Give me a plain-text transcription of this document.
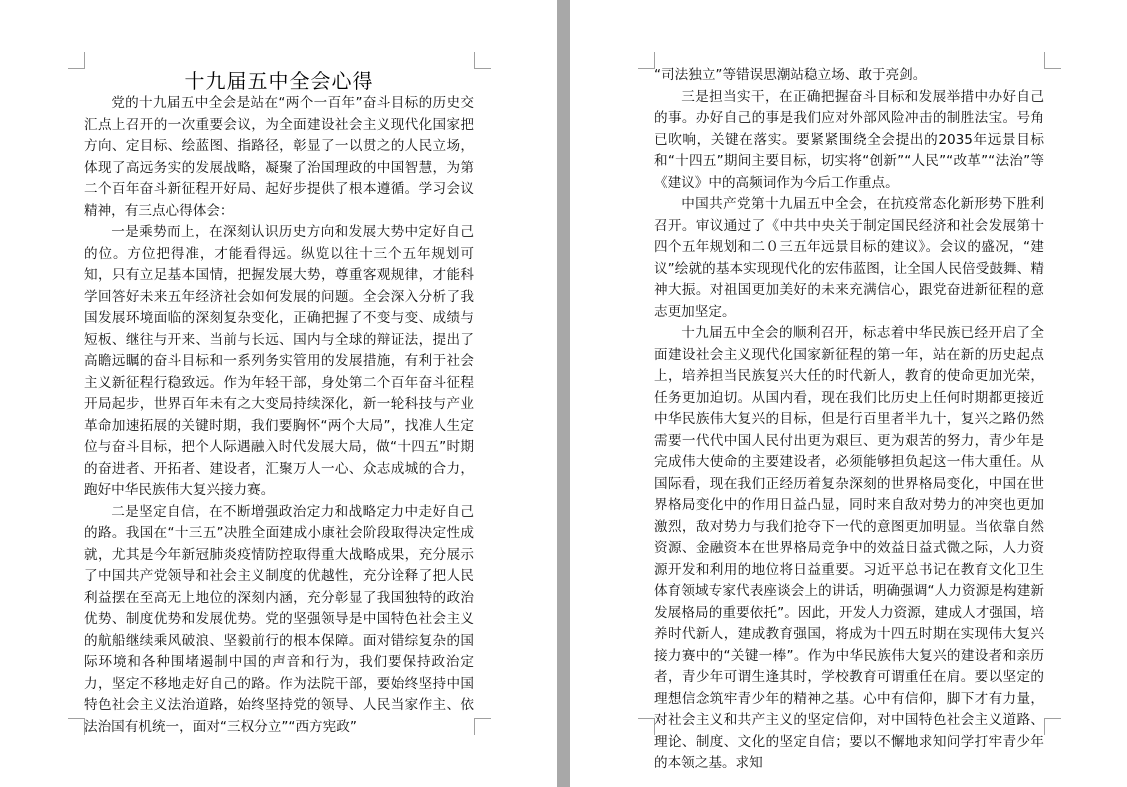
十九届五中全会心得

党的十九届五中全会是站在“两个一百年”奋斗目标的历史交汇点上召开的一次重要会议，为全面建设社会主义现代化国家把方向、定目标、绘蓝图、指路径，彰显了一以贯之的人民立场，体现了高远务实的发展战略，凝聚了治国理政的中国智慧，为第二个百年奋斗新征程开好局、起好步提供了根本遵循。学习会议精神，有三点心得体会：

一是乘势而上，在深刻认识历史方向和发展大势中定好自己的位。方位把得准，才能看得远。纵览以往十三个五年规划可知，只有立足基本国情，把握发展大势，尊重客观规律，才能科学回答好未来五年经济社会如何发展的问题。全会深入分析了我国发展环境面临的深刻复杂变化，正确把握了不变与变、成绩与短板、继往与开来、当前与长远、国内与全球的辩证法，提出了高瞻远瞩的奋斗目标和一系列务实管用的发展措施，有利于社会主义新征程行稳致远。作为年轻干部，身处第二个百年奋斗征程开局起步，世界百年未有之大变局持续深化，新一轮科技与产业革命加速拓展的关键时期，我们要胸怀“两个大局”，找准人生定位与奋斗目标，把个人际遇融入时代发展大局，做“十四五”时期的奋进者、开拓者、建设者，汇聚万人一心、众志成城的合力，跑好中华民族伟大复兴接力赛。

二是坚定自信，在不断增强政治定力和战略定力中走好自己的路。我国在“十三五”决胜全面建成小康社会阶段取得决定性成就，尤其是今年新冠肺炎疫情防控取得重大战略成果，充分展示了中国共产党领导和社会主义制度的优越性，充分诠释了把人民利益摆在至高无上地位的深刻内涵，充分彰显了我国独特的政治优势、制度优势和发展优势。党的坚强领导是中国特色社会主义的航船继续乘风破浪、坚毅前行的根本保障。面对错综复杂的国际环境和各种围堵遏制中国的声音和行为，我们要保持政治定力，坚定不移地走好自己的路。作为法院干部，要始终坚持中国特色社会主义法治道路，始终坚持党的领导、人民当家作主、依法治国有机统一，面对“三权分立”“西方宪政”

“司法独立”等错误思潮站稳立场、敢于亮剑。

三是担当实干，在正确把握奋斗目标和发展举措中办好自己的事。办好自己的事是我们应对外部风险冲击的制胜法宝。号角已吹响，关键在落实。要紧紧围绕全会提出的2035年远景目标和“十四五”期间主要目标，切实将“创新”“人民”“改革”“法治”等《建议》中的高频词作为今后工作重点。

中国共产党第十九届五中全会，在抗疫常态化新形势下胜利召开。审议通过了《中共中央关于制定国民经济和社会发展第十四个五年规划和二０三五年远景目标的建议》。会议的盛况，“建议”绘就的基本实现现代化的宏伟蓝图，让全国人民倍受鼓舞、精神大振。对祖国更加美好的未来充满信心，跟党奋进新征程的意志更加坚定。

十九届五中全会的顺利召开，标志着中华民族已经开启了全面建设社会主义现代化国家新征程的第一年，站在新的历史起点上，培养担当民族复兴大任的时代新人，教育的使命更加光荣，任务更加迫切。从国内看，现在我们比历史上任何时期都更接近中华民族伟大复兴的目标，但是行百里者半九十，复兴之路仍然需要一代代中国人民付出更为艰巨、更为艰苦的努力，青少年是完成伟大使命的主要建设者，必须能够担负起这一伟大重任。从国际看，现在我们正经历着复杂深刻的世界格局变化，中国在世界格局变化中的作用日益凸显，同时来自敌对势力的冲突也更加激烈，敌对势力与我们抢夺下一代的意图更加明显。当依靠自然资源、金融资本在世界格局竞争中的效益日益式微之际，人力资源开发和利用的地位将日益重要。习近平总书记在教育文化卫生体育领域专家代表座谈会上的讲话，明确强调“人力资源是构建新发展格局的重要依托”。因此，开发人力资源，建成人才强国，培养时代新人，建成教育强国，将成为十四五时期在实现伟大复兴接力赛中的“关键一棒”。作为中华民族伟大复兴的建设者和亲历者，青少年可谓生逢其时，学校教育可谓重任在肩。要以坚定的理想信念筑牢青少年的精神之基。心中有信仰，脚下才有力量，对社会主义和共产主义的坚定信仰，对中国特色社会主义道路、理论、制度、文化的坚定自信；要以不懈地求知问学打牢青少年的本领之基。求知
